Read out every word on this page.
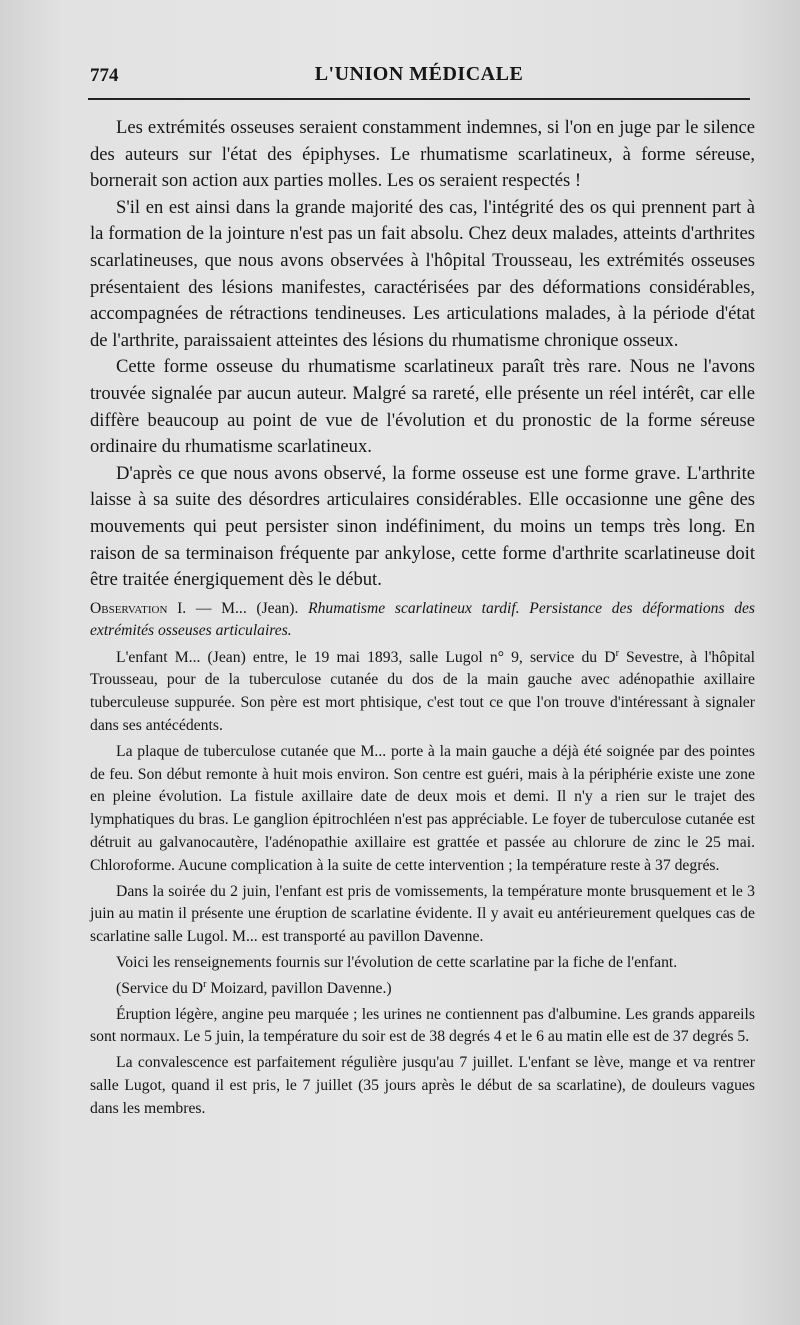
774	L'UNION MÉDICALE

Les extrémités osseuses seraient constamment indemnes, si l'on en juge par le silence des auteurs sur l'état des épiphyses. Le rhumatisme scarlatineux, à forme séreuse, bornerait son action aux parties molles. Les os seraient respectés !

S'il en est ainsi dans la grande majorité des cas, l'intégrité des os qui prennent part à la formation de la jointure n'est pas un fait absolu. Chez deux malades, atteints d'arthrites scarlatineuses, que nous avons observées à l'hôpital Trousseau, les extrémités osseuses présentaient des lésions manifestes, caractérisées par des déformations considérables, accompagnées de rétractions tendineuses. Les articulations malades, à la période d'état de l'arthrite, paraissaient atteintes des lésions du rhumatisme chronique osseux.

Cette forme osseuse du rhumatisme scarlatineux paraît très rare. Nous ne l'avons trouvée signalée par aucun auteur. Malgré sa rareté, elle présente un réel intérêt, car elle diffère beaucoup au point de vue de l'évolution et du pronostic de la forme séreuse ordinaire du rhumatisme scarlatineux.

D'après ce que nous avons observé, la forme osseuse est une forme grave. L'arthrite laisse à sa suite des désordres articulaires considérables. Elle occasionne une gêne des mouvements qui peut persister sinon indéfiniment, du moins un temps très long. En raison de sa terminaison fréquente par ankylose, cette forme d'arthrite scarlatineuse doit être traitée énergiquement dès le début.

Observation I. — M... (Jean). Rhumatisme scarlatineux tardif. Persistance des déformations des extrémités osseuses articulaires.

L'enfant M... (Jean) entre, le 19 mai 1893, salle Lugol n° 9, service du $D^r$ Sevestre, à l'hôpital Trousseau, pour de la tuberculose cutanée du dos de la main gauche avec adénopathie axillaire tuberculeuse suppurée. Son père est mort phtisique, c'est tout ce que l'on trouve d'intéressant à signaler dans ses antécédents.

La plaque de tuberculose cutanée que M... porte à la main gauche a déjà été soignée par des pointes de feu. Son début remonte à huit mois environ. Son centre est guéri, mais à la périphérie existe une zone en pleine évolution. La fistule axillaire date de deux mois et demi. Il n'y a rien sur le trajet des lymphatiques du bras. Le ganglion épitrochléen n'est pas appréciable. Le foyer de tuberculose cutanée est détruit au galvanocautère, l'adénopathie axillaire est grattée et passée au chlorure de zinc le 25 mai. Chloroforme. Aucune complication à la suite de cette intervention ; la température reste à 37 degrés.

Dans la soirée du 2 juin, l'enfant est pris de vomissements, la température monte brusquement et le 3 juin au matin il présente une éruption de scarlatine évidente. Il y avait eu antérieurement quelques cas de scarlatine salle Lugol. M... est transporté au pavillon Davenne.

Voici les renseignements fournis sur l'évolution de cette scarlatine par la fiche de l'enfant.

(Service du $D^r$ Moizard, pavillon Davenne.)

Éruption légère, angine peu marquée ; les urines ne contiennent pas d'albumine. Les grands appareils sont normaux. Le 5 juin, la température du soir est de 38 degrés 4 et le 6 au matin elle est de 37 degrés 5.

La convalescence est parfaitement régulière jusqu'au 7 juillet. L'enfant se lève, mange et va rentrer salle Lugot, quand il est pris, le 7 juillet (35 jours après le début de sa scarlatine), de douleurs vagues dans les membres.
